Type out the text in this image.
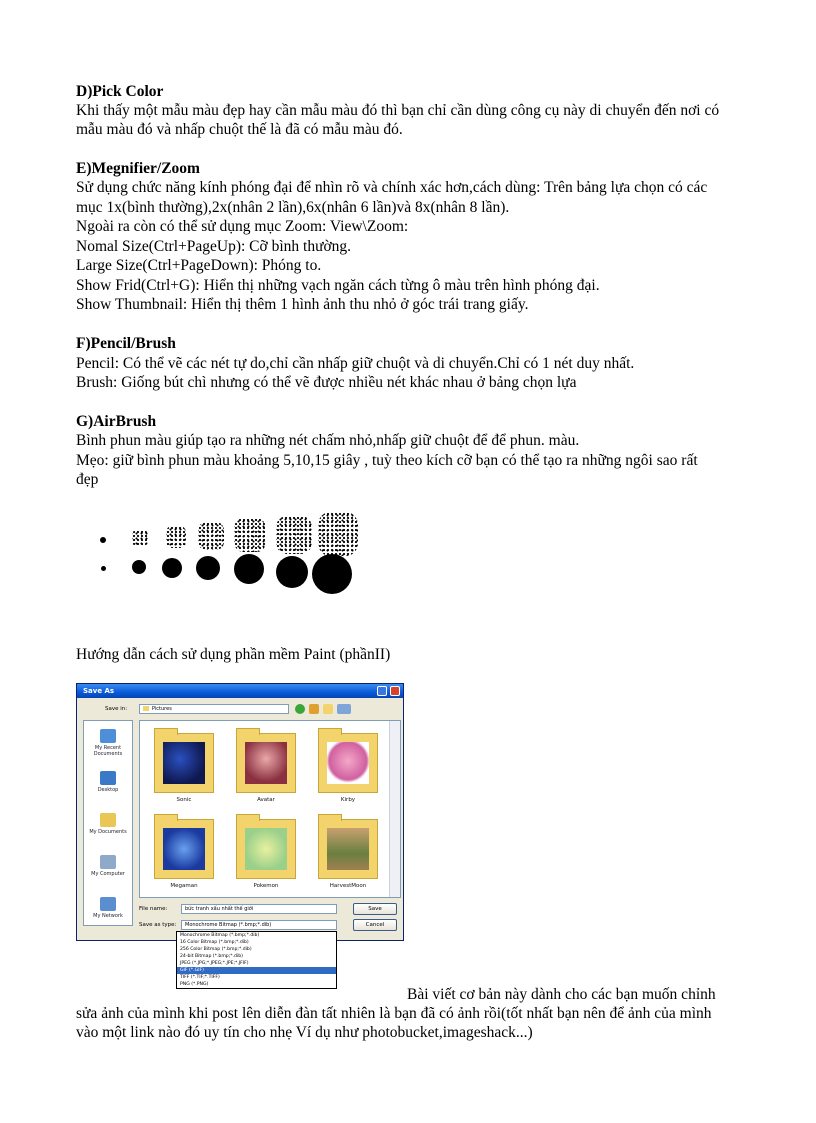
D)Pick Color
Khi thấy một mẫu màu đẹp hay cần mẫu màu đó thì bạn chỉ cần dùng công cụ này di chuyển đến nơi có
mẫu màu đó và nhấp chuột thế là đã có mẫu màu đó.
E)Megnifier/Zoom
Sử dụng chức năng kính phóng đại để nhìn rõ và chính xác hơn,cách dùng: Trên bảng lựa chọn có các
mục 1x(bình thường),2x(nhân 2 lần),6x(nhân 6 lần)và 8x(nhân 8 lần).
Ngoài ra còn có thể sử dụng mục Zoom: View\Zoom:
Nomal Size(Ctrl+PageUp): Cỡ bình thường.
Large Size(Ctrl+PageDown): Phóng to.
Show Frid(Ctrl+G): Hiển thị những vạch ngăn cách từng ô màu trên hình phóng đại.
Show Thumbnail: Hiển thị thêm 1 hình ảnh thu nhỏ ở góc trái trang giấy.
F)Pencil/Brush
Pencil: Có thể vẽ các nét tự do,chỉ cần nhấp giữ chuột và di chuyển.Chỉ có 1 nét duy nhất.
Brush: Giống bút chì nhưng có thể vẽ được nhiều nét khác nhau ở bảng chọn lựa
G)AirBrush
Bình phun màu giúp tạo ra những nét chấm nhỏ,nhấp giữ chuột để để phun. màu.
Mẹo: giữ bình phun màu khoảng 5,10,15 giây , tuỳ theo kích cỡ bạn có thể tạo ra những ngôi sao rất
đẹp
Hướng dẫn cách sử dụng phần mềm Paint (phầnII)
Save As
Save in:	Pictures
My Recent Documents
Desktop
My Documents
My Computer
My Network
Sonic	Avatar	Kirby
Megaman	Pokemon	HarvestMoon
File name:	bức tranh xấu nhất thế giới
Save as type:	Monochrome Bitmap (*.bmp;*.dib)
Save
Cancel
Monochrome Bitmap (*.bmp;*.dib)
16 Color Bitmap (*.bmp;*.dib)
256 Color Bitmap (*.bmp;*.dib)
24-bit Bitmap (*.bmp;*.dib)
JPEG (*.JPG;*.JPEG;*.JPE;*.JFIF)
GIF (*.GIF)
TIFF (*.TIF;*.TIFF)
PNG (*.PNG)
Bài viết cơ bản này dành cho các bạn muốn chỉnh
sửa ảnh của mình khi post lên diễn đàn tất nhiên là bạn đã có ảnh rồi(tốt nhất bạn nên để ảnh của mình
vào một link nào đó uy tín cho nhẹ Ví dụ như photobucket,imageshack...)
